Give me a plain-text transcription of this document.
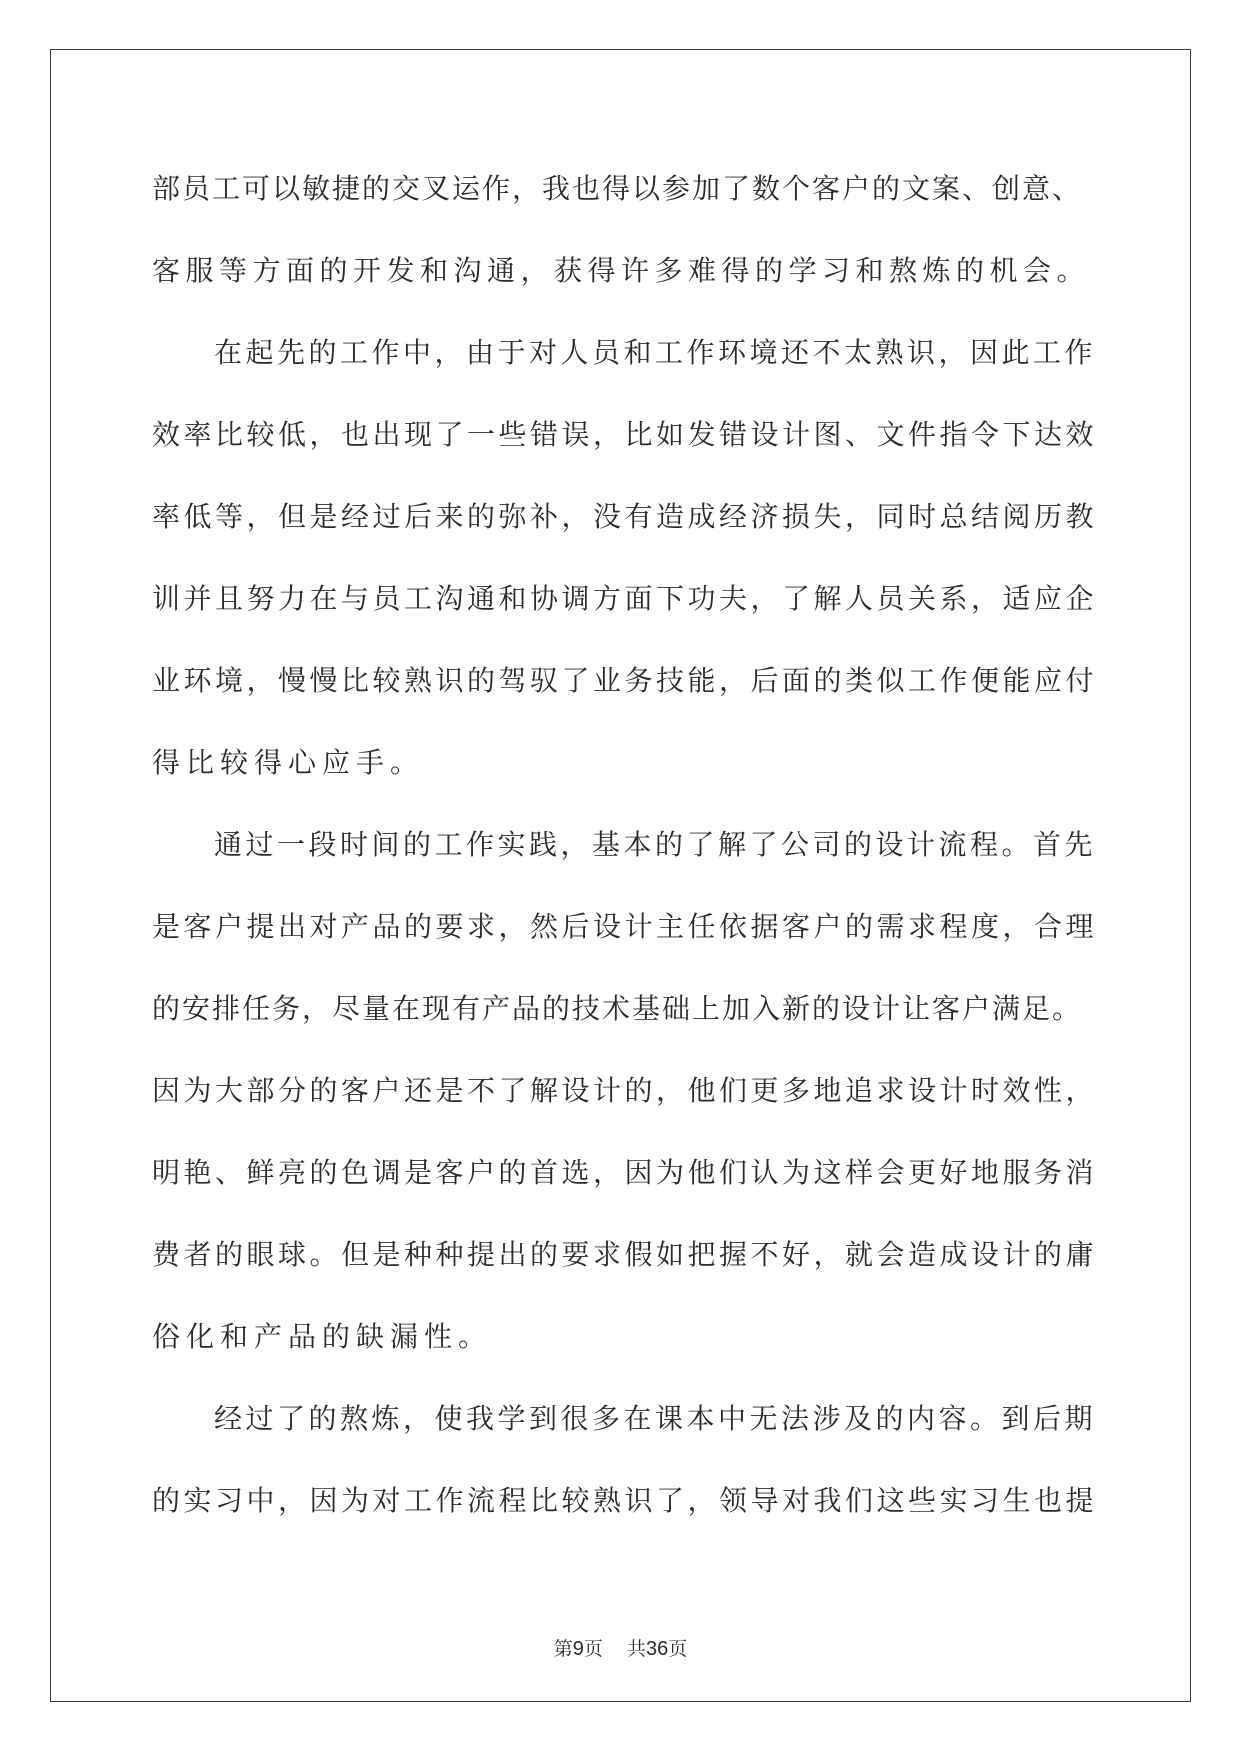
部员工可以敏捷的交叉运作，我也得以参加了数个客户的文案、创意、
客服等方面的开发和沟通，获得许多难得的学习和熬炼的机会。
在起先的工作中，由于对人员和工作环境还不太熟识，因此工作
效率比较低，也出现了一些错误，比如发错设计图、文件指令下达效
率低等，但是经过后来的弥补，没有造成经济损失，同时总结阅历教
训并且努力在与员工沟通和协调方面下功夫，了解人员关系，适应企
业环境，慢慢比较熟识的驾驭了业务技能，后面的类似工作便能应付
得比较得心应手。
通过一段时间的工作实践，基本的了解了公司的设计流程。首先
是客户提出对产品的要求，然后设计主任依据客户的需求程度，合理
的安排任务，尽量在现有产品的技术基础上加入新的设计让客户满足。
因为大部分的客户还是不了解设计的，他们更多地追求设计时效性，
明艳、鲜亮的色调是客户的首选，因为他们认为这样会更好地服务消
费者的眼球。但是种种提出的要求假如把握不好，就会造成设计的庸
俗化和产品的缺漏性。
经过了的熬炼，使我学到很多在课本中无法涉及的内容。到后期
的实习中，因为对工作流程比较熟识了，领导对我们这些实习生也提
第9页 共36页
